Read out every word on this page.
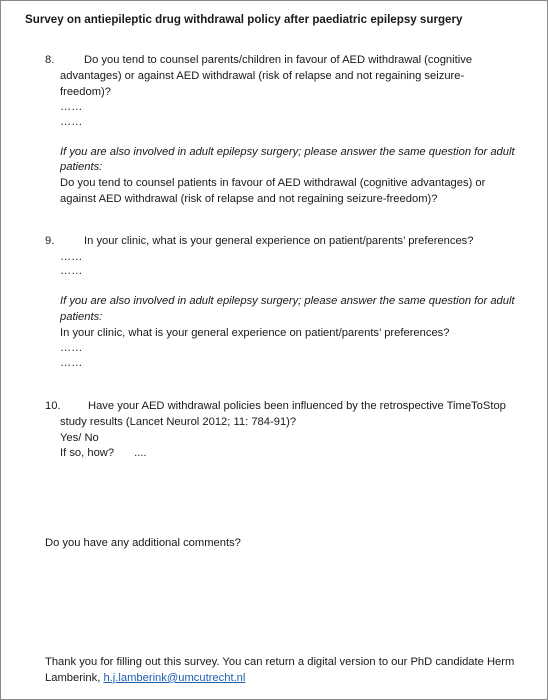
Survey on antiepileptic drug withdrawal policy after paediatric epilepsy surgery
8.	Do you tend to counsel parents/children in favour of AED withdrawal (cognitive advantages) or against AED withdrawal (risk of relapse and not regaining seizure-freedom)?
……
……
If you are also involved in adult epilepsy surgery; please answer the same question for adult patients:
Do you tend to counsel patients in favour of AED withdrawal (cognitive advantages) or against AED withdrawal (risk of relapse and not regaining seizure-freedom)?
9.	In your clinic, what is your general experience on patient/parents’ preferences?
……
……
If you are also involved in adult epilepsy surgery; please answer the same question for adult patients:
In your clinic, what is your general experience on patient/parents’ preferences?
……
……
10.	Have your AED withdrawal policies been influenced by the retrospective TimeToStop study results (Lancet Neurol 2012; 11: 784-91)?
Yes/ No
If so, how? ....
Do you have any additional comments?
Thank you for filling out this survey. You can return a digital version to our PhD candidate Herm Lamberink, h.j.lamberink@umcutrecht.nl
